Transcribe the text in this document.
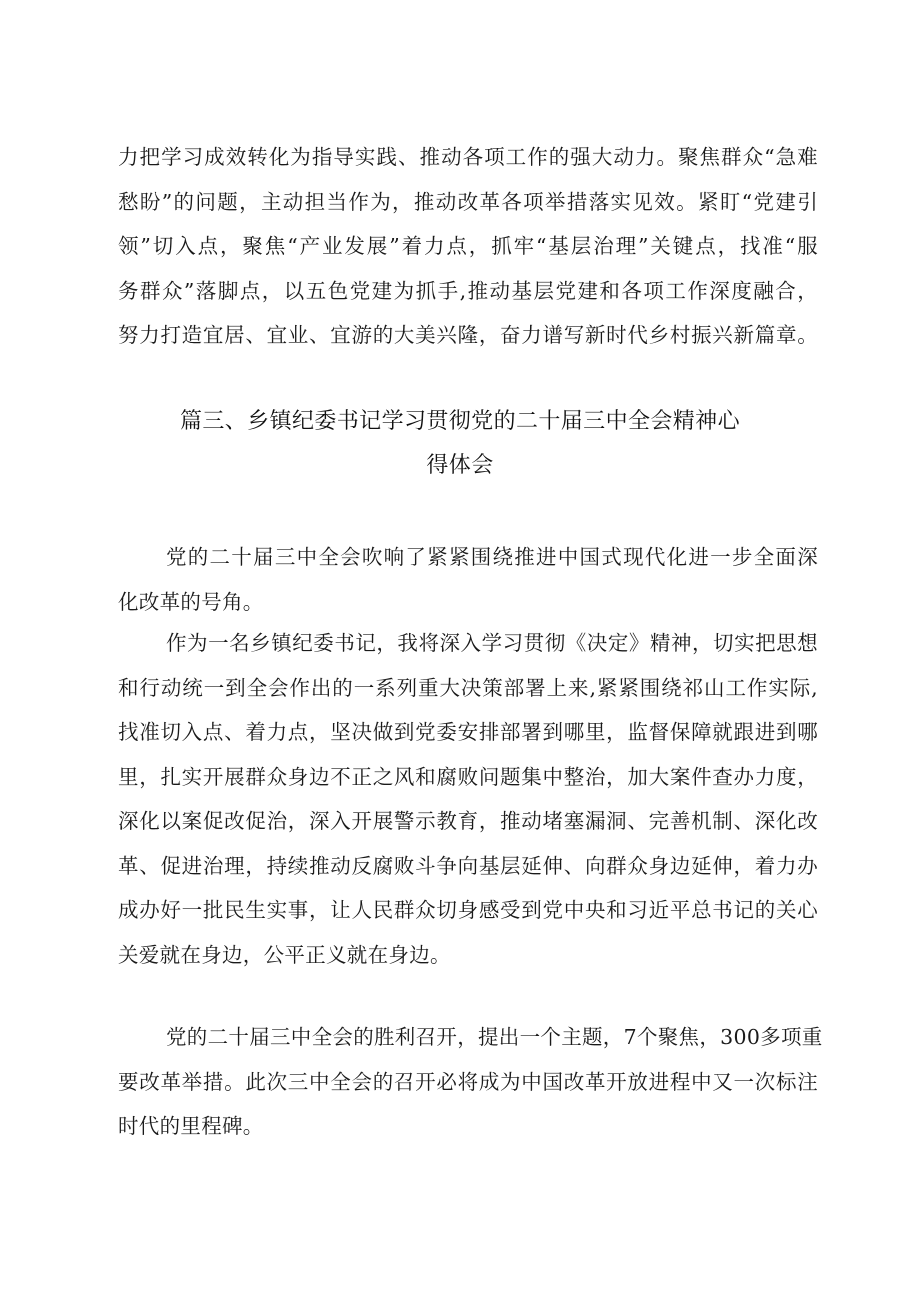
力把学习成效转化为指导实践、推动各项工作的强大动力。聚焦群众“急难
愁盼”的问题，主动担当作为，推动改革各项举措落实见效。紧盯“党建引
领”切入点，聚焦“产业发展”着力点，抓牢“基层治理”关键点，找准“服
务群众”落脚点，以五色党建为抓手,推动基层党建和各项工作深度融合，
努力打造宜居、宜业、宜游的大美兴隆，奋力谱写新时代乡村振兴新篇章。
篇三、乡镇纪委书记学习贯彻党的二十届三中全会精神心
得体会
党的二十届三中全会吹响了紧紧围绕推进中国式现代化进一步全面深
化改革的号角。
作为一名乡镇纪委书记，我将深入学习贯彻《决定》精神，切实把思想
和行动统一到全会作出的一系列重大决策部署上来,紧紧围绕祁山工作实际,
找准切入点、着力点，坚决做到党委安排部署到哪里，监督保障就跟进到哪
里，扎实开展群众身边不正之风和腐败问题集中整治，加大案件查办力度，
深化以案促改促治，深入开展警示教育，推动堵塞漏洞、完善机制、深化改
革、促进治理，持续推动反腐败斗争向基层延伸、向群众身边延伸，着力办
成办好一批民生实事，让人民群众切身感受到党中央和习近平总书记的关心
关爱就在身边，公平正义就在身边。
党的二十届三中全会的胜利召开，提出一个主题，7个聚焦，300多项重
要改革举措。此次三中全会的召开必将成为中国改革开放进程中又一次标注
时代的里程碑。
